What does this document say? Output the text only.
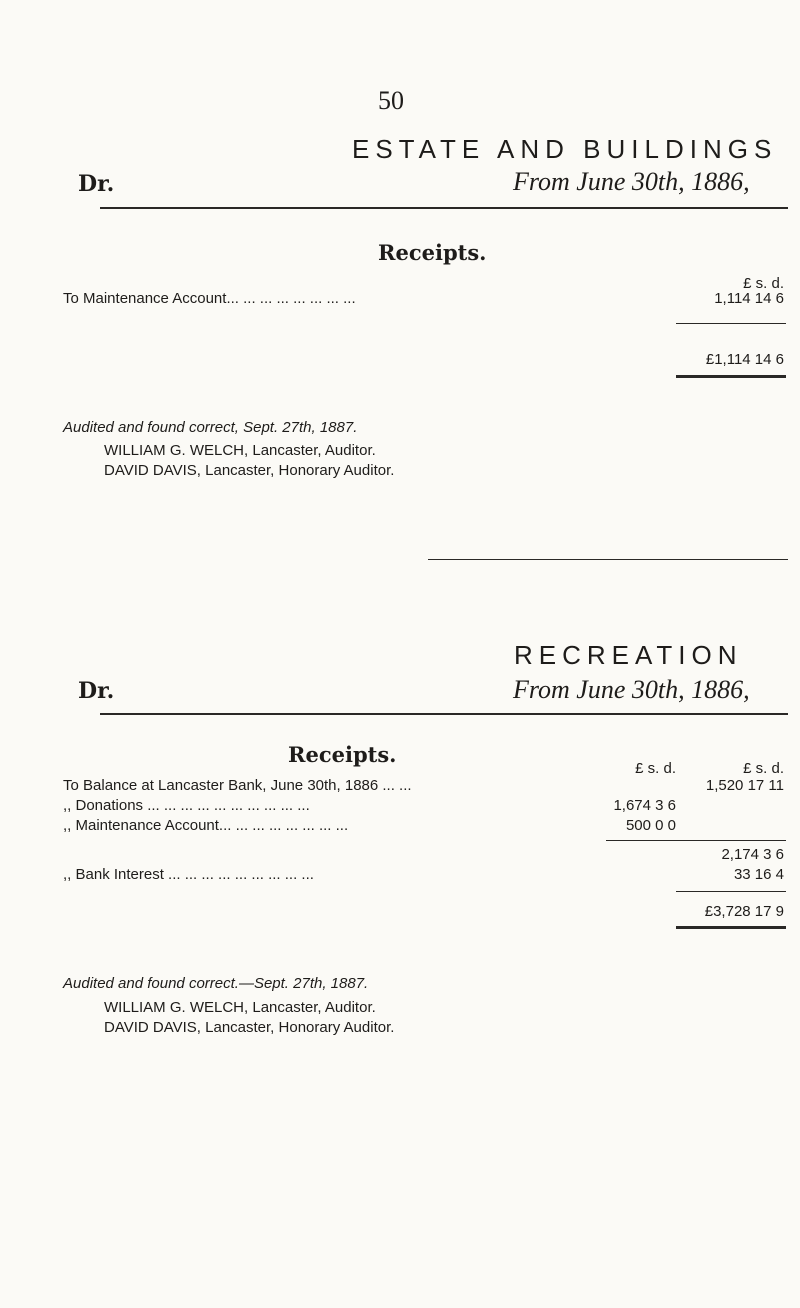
50
ESTATE AND BUILDINGS
Dr.	From June 30th, 1886,
Receipts.
£ s. d.
To Maintenance Account... ... ... ... ... ... ... ...	1,114 14 6
£1,114 14 6
Audited and found correct, Sept. 27th, 1887.
WILLIAM G. WELCH, Lancaster, Auditor.
DAVID DAVIS, Lancaster, Honorary Auditor.
RECREATION
Dr.	From June 30th, 1886,
Receipts.
£ s. d.	£ s. d.
To Balance at Lancaster Bank, June 30th, 1886 ... ...	1,520 17 11
,, Donations ... ... ... ... ... ... ... ... ... ...	1,674 3 6
,, Maintenance Account... ... ... ... ... ... ... ...	500 0 0
2,174 3 6
,, Bank Interest ... ... ... ... ... ... ... ... ...	33 16 4
£3,728 17 9
Audited and found correct.—Sept. 27th, 1887.
WILLIAM G. WELCH, Lancaster, Auditor.
DAVID DAVIS, Lancaster, Honorary Auditor.
